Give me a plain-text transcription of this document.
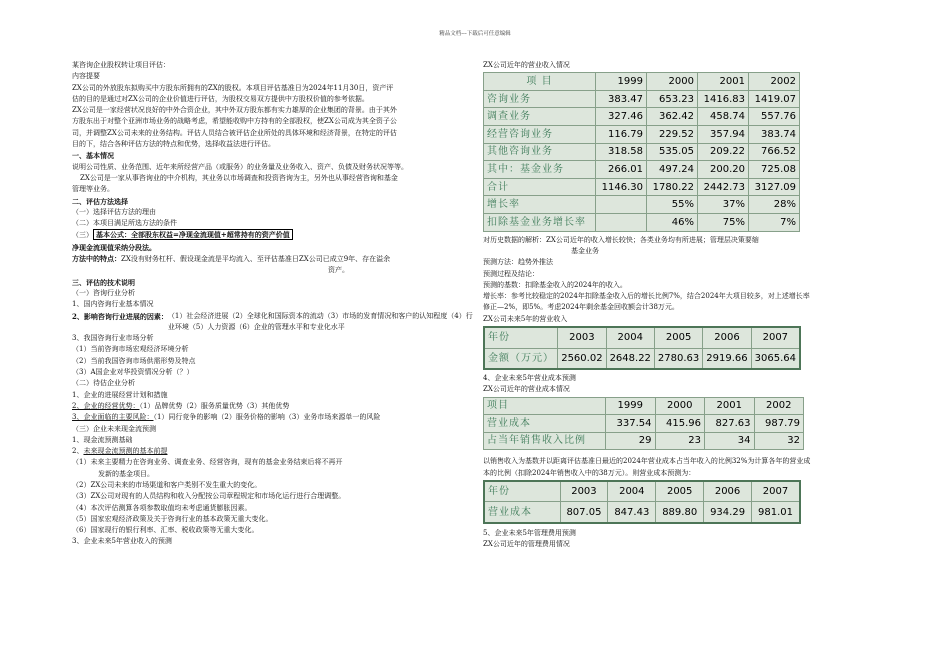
精品文档---下载后可任意编辑
某咨询企业股权转让项目评估：
内容提要
ZX公司的外放股东拟购买中方股东所拥有的ZX的股权。本项目评估基准日为2024年11月30日，资产评
估的目的是通过对ZX公司的企业价值进行评估，为股权交易双方提供中方股权价值的参考依据。
ZX公司是一家经营状况良好的中外合资企业，其中外双方股东都有实力雄厚的企业集团的背景。由于其外
方股东出于对整个亚洲市场业务的战略考虑，希望能收购中方持有的全部股权，使ZX公司成为其全资子公
司，并调整ZX公司未来的业务结构。评估人员结合被评估企业所处的具体环境和经济背景，在特定的评估
目的下，结合各种评估方法的特点和优势，选择收益法进行评估。
一、基本情况
说明公司性质、业务范围、近年来所经营产品（或服务）的业务量及业务收入、资产、负债及财务状况等等。
ZX公司是一家从事咨询业的中介机构，其业务以市场调查和投资咨询为主，另外也从事经营咨询和基金
管理等业务。
二、评估方法选择
（一）选择评估方法的理由
（二）本项目满足所选方法的条件
（三） 基本公式：全部股东权益=净现金流现值+超常持有的资产价值
净现金流现值采纳分段法。
方法中的特点：ZX没有财务杠杆、假设现金流是平均流入、至评估基准日ZX公司已成立9年、存在溢余
资产。
三、评估的技术说明
（一）咨询行业分析
1、国内咨询行业基本情况
2、影响咨询行业进展的因素： （1）社会经济进展（2）全球化和国际资本的流动（3）市场的发育情况和客户的认知程度（4）行业环境（5）人力资源（6）企业的管理水平和专业化水平
3、我国咨询行业市场分析
（1）当前咨询市场宏观经济环境分析
（2）当前我国咨询市场供需形势及特点
（3）A国企业对华投资情况分析（？）
（二）待估企业分析
1、企业的进展经营计划和措施
2、企业的经营优势：（1）品牌优势（2）服务质量优势（3）其他优势
3、企业面临的主要风险：（1）同行竞争的影响（2）服务价格的影响（3）业务市场来源单一的风险
（三）企业未来现金流预测
1、现金流预测基础
2、未来现金流预测的基本前提
（1）未来主要精力在咨询业务、调查业务、经营咨询，现有的基金业务结束后将不再开
发新的基金项目。
（2）ZX公司未来的市场渠道和客户类别不发生重大的变化。
（3）ZX公司对现有的人员结构和收入分配按公司章程规定和市场化运行进行合理调整。
（4）本次评估测算各项参数取值均未考虑通货膨胀因素。
（5）国家宏观经济政策及关于咨询行业的基本政策无重大变化。
（6）国家现行的银行利率、汇率、税收政策等无重大变化。
3、企业未来5年营业收入的预测
ZX公司近年的营业收入情况
项 目	1999	2000	2001	2002
咨询业务	383.47	653.23	1416.83	1419.07
调查业务	327.46	362.42	458.74	557.76
经营咨询业务	116.79	229.52	357.94	383.74
其他咨询业务	318.58	535.05	209.22	766.52
其中：基金业务	266.01	497.24	200.20	725.08
合计	1146.30	1780.22	2442.73	3127.09
增长率		55%	37%	28%
扣除基金业务增长率		46%	75%	7%
对历史数据的解析：ZX公司近年的收入增长较快；各类业务均有所进展；管理层决策要缩
基金业务
预测方法：趋势外推法
预测过程及结论：
预测的基数：扣除基金收入的2024年的收入。
增长率：参考比较稳定的2024年扣除基金收入后的增长比例7%，结合2024年大项目较多，对上述增长率
修正—2%，即5%。考虑2024年剩余基金回收额会计38万元。
ZX公司未来5年的营业收入
年份	2003	2004	2005	2006	2007
金额（万元）	2560.02	2648.22	2780.63	2919.66	3065.64
4、企业未来5年营业成本预测
ZX公司近年的营业成本情况
项目	1999	2000	2001	2002
营业成本	337.54	415.96	827.63	987.79
占当年销售收入比例	29	23	34	32
以销售收入为基数并以距离评估基准日最近的2024年营业成本占当年收入的比例32%为计算各年的营业成
本的比例（扣除2024年销售收入中的38万元）。则营业成本预测为：
年份	2003	2004	2005	2006	2007
营业成本	807.05	847.43	889.80	934.29	981.01
5、企业未来5年管理费用预测
ZX公司近年的管理费用情况
